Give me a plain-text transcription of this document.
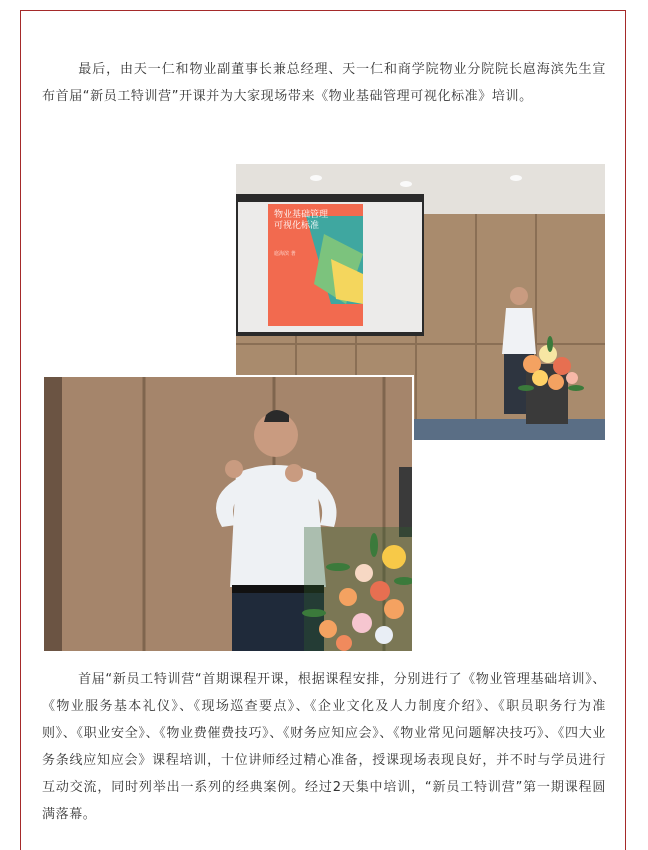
最后，由天一仁和物业副董事长兼总经理、天一仁和商学院物业分院院长扈海滨先生宣布首届“新员工特训营”开课并为大家现场带来《物业基础管理可视化标准》培训。

物业基础管理
可视化标准
扈海滨 著

首届“新员工特训营“首期课程开课，根据课程安排，分别进行了《物业管理基础培训》、《物业服务基本礼仪》、《现场巡查要点》、《企业文化及人力制度介绍》、《职员职务行为准则》、《职业安全》、《物业费催费技巧》、《财务应知应会》、《物业常见问题解决技巧》、《四大业务条线应知应会》课程培训，十位讲师经过精心准备，授课现场表现良好，并不时与学员进行互动交流，同时列举出一系列的经典案例。经过2天集中培训，“新员工特训营”第一期课程圆满落幕。
